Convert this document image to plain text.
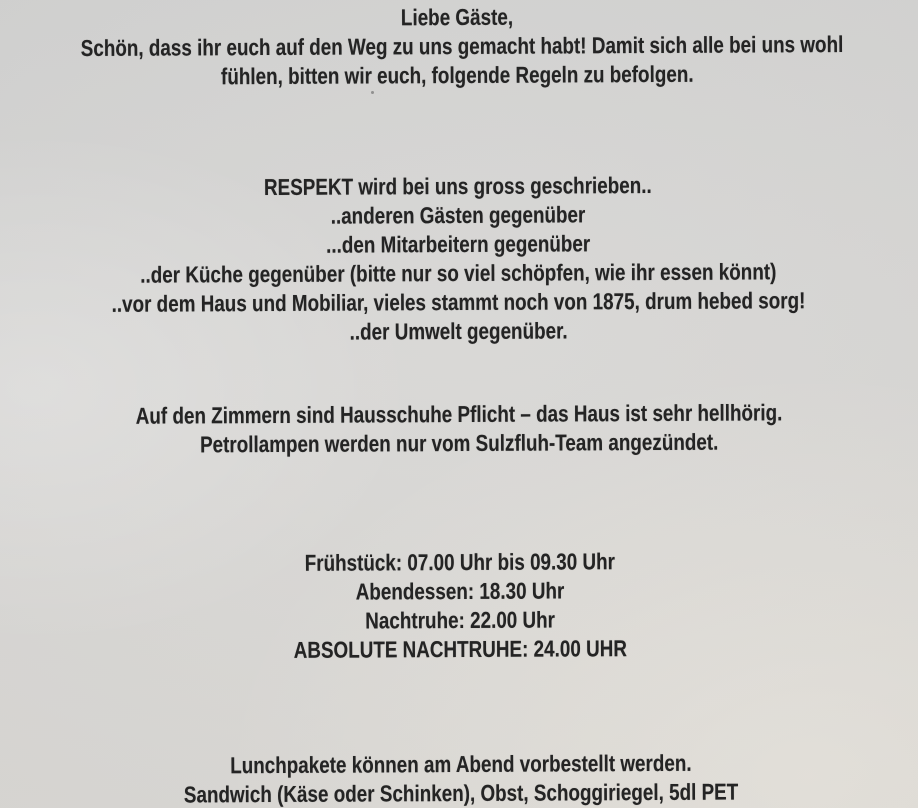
Liebe Gäste,
Schön, dass ihr euch auf den Weg zu uns gemacht habt! Damit sich alle bei uns wohl
fühlen, bitten wir euch, folgende Regeln zu befolgen.
RESPEKT wird bei uns gross geschrieben..
..anderen Gästen gegenüber
...den Mitarbeitern gegenüber
..der Küche gegenüber (bitte nur so viel schöpfen, wie ihr essen könnt)
..vor dem Haus und Mobiliar, vieles stammt noch von 1875, drum hebed sorg!
..der Umwelt gegenüber.
Auf den Zimmern sind Hausschuhe Pflicht – das Haus ist sehr hellhörig.
Petrollampen werden nur vom Sulzfluh-Team angezündet.
Frühstück: 07.00 Uhr bis 09.30 Uhr
Abendessen: 18.30 Uhr
Nachtruhe: 22.00 Uhr
ABSOLUTE NACHTRUHE: 24.00 UHR
Lunchpakete können am Abend vorbestellt werden.
Sandwich (Käse oder Schinken), Obst, Schoggiriegel, 5dl PET
